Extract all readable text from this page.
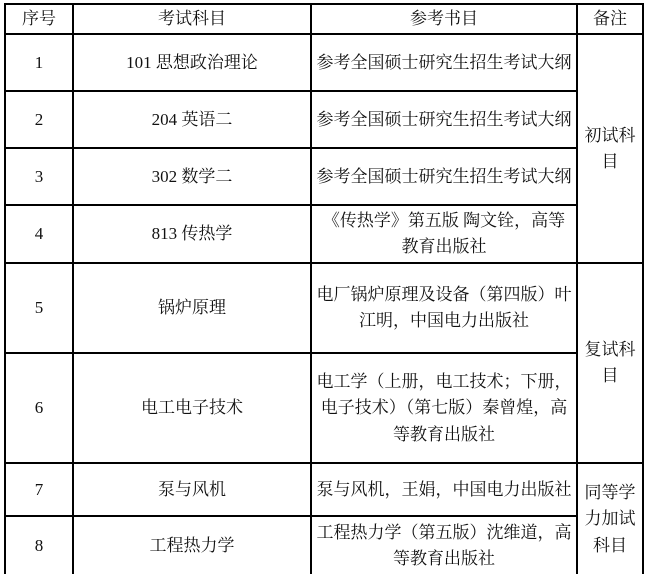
序号	考试科目	参考书目	备注
1	101 思想政治理论	参考全国硕士研究生招生考试大纲	初试科目
2	204 英语二	参考全国硕士研究生招生考试大纲	
3	302 数学二	参考全国硕士研究生招生考试大纲	
4	813 传热学	《传热学》第五版 陶文铨，高等教育出版社	
5	锅炉原理	电厂锅炉原理及设备（第四版）叶江明，中国电力出版社	复试科目
6	电工电子技术	电工学（上册，电工技术；下册，电子技术）（第七版）秦曾煌，高等教育出版社	
7	泵与风机	泵与风机，王娟，中国电力出版社	同等学力加试科目
8	工程热力学	工程热力学（第五版）沈维道，高等教育出版社	
